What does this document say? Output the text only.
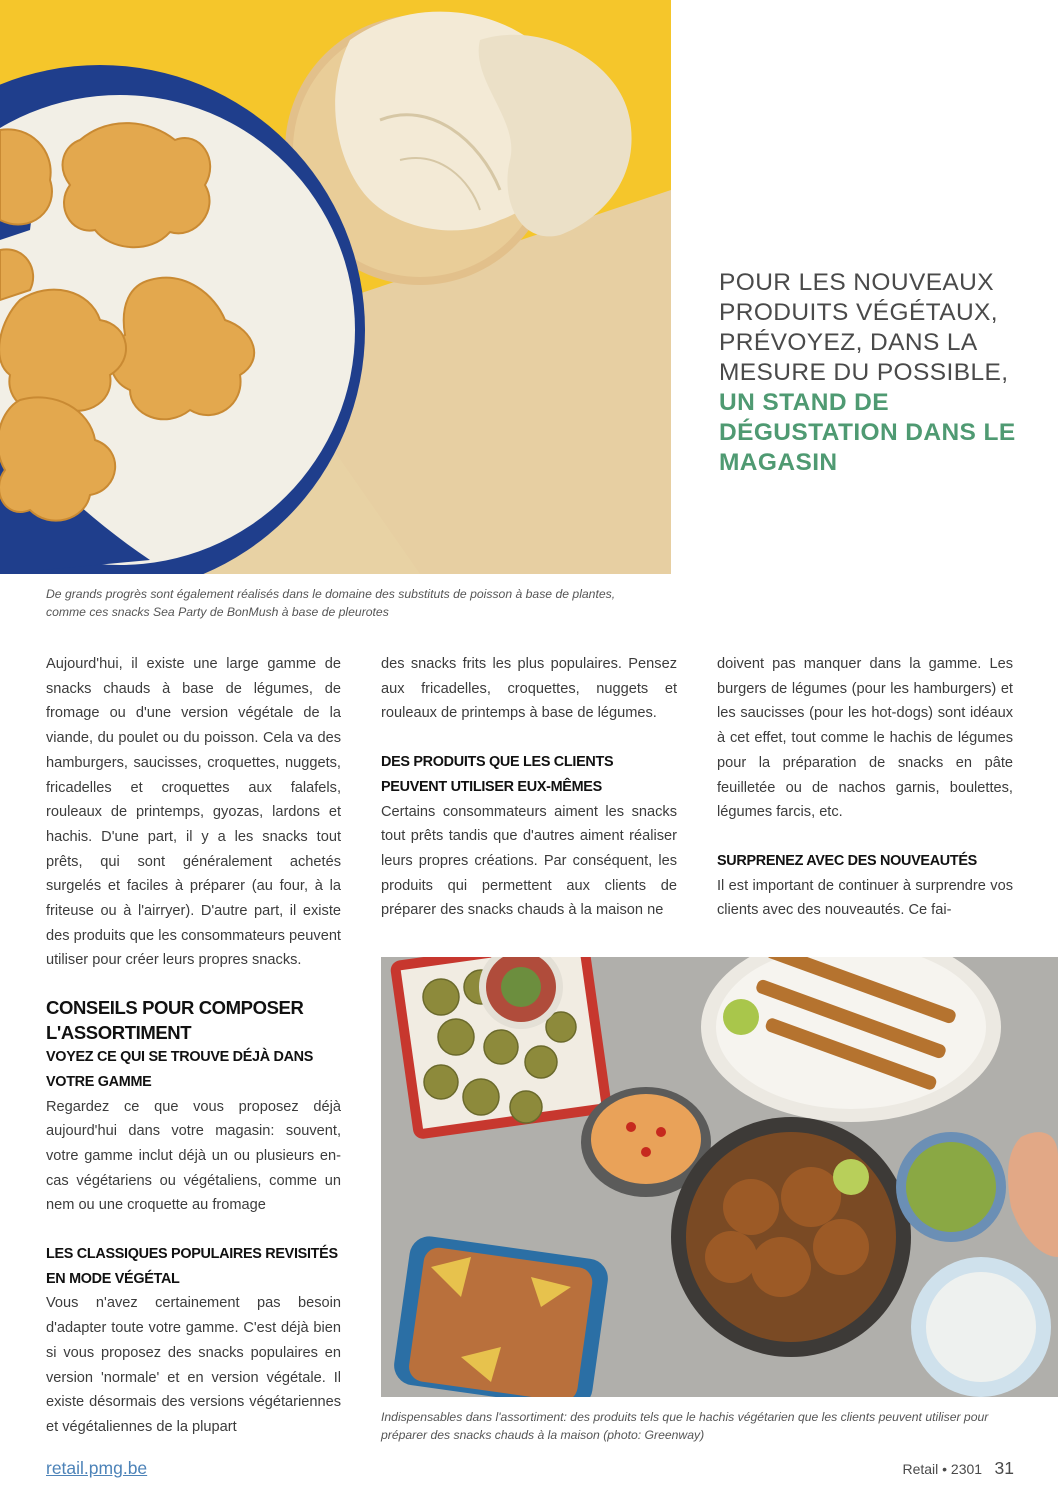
POUR LES NOUVEAUX PRODUITS VÉGÉTAUX, PRÉVOYEZ, DANS LA MESURE DU POSSIBLE, UN STAND DE DÉGUSTATION DANS LE MAGASIN
De grands progrès sont également réalisés dans le domaine des substituts de poisson à base de plantes, comme ces snacks Sea Party de BonMush à base de pleurotes

Aujourd'hui, il existe une large gamme de snacks chauds à base de légumes, de fromage ou d'une version végétale de la viande, du poulet ou du poisson. Cela va des hamburgers, saucisses, croquettes, nuggets, fricadelles et croquettes aux falafels, rouleaux de printemps, gyozas, lardons et hachis. D'une part, il y a les snacks tout prêts, qui sont généralement achetés surgelés et faciles à préparer (au four, à la friteuse ou à l'airryer). D'autre part, il existe des produits que les consommateurs peuvent utiliser pour créer leurs propres snacks.

CONSEILS POUR COMPOSER L'ASSORTIMENT
VOYEZ CE QUI SE TROUVE DÉJÀ DANS VOTRE GAMME

Regardez ce que vous proposez déjà aujourd'hui dans votre magasin: souvent, votre gamme inclut déjà un ou plusieurs en-cas végétariens ou végétaliens, comme un nem ou une croquette au fromage

LES CLASSIQUES POPULAIRES REVISITÉS EN MODE VÉGÉTAL

Vous n'avez certainement pas besoin d'adapter toute votre gamme. C'est déjà bien si vous proposez des snacks populaires en version 'normale' et en version végétale. Il existe désormais des versions végétariennes et végétaliennes de la plupart

des snacks frits les plus populaires. Pensez aux fricadelles, croquettes, nuggets et rouleaux de printemps à base de légumes.

DES PRODUITS QUE LES CLIENTS PEUVENT UTILISER EUX-MÊMES

Certains consommateurs aiment les snacks tout prêts tandis que d'autres aiment réaliser leurs propres créations. Par conséquent, les produits qui permettent aux clients de préparer des snacks chauds à la maison ne

doivent pas manquer dans la gamme. Les burgers de légumes (pour les hamburgers) et les saucisses (pour les hot-dogs) sont idéaux à cet effet, tout comme le hachis de légumes pour la préparation de snacks en pâte feuilletée ou de nachos garnis, boulettes, légumes farcis, etc.

SURPRENEZ AVEC DES NOUVEAUTÉS

Il est important de continuer à surprendre vos clients avec des nouveautés. Ce fai-

Indispensables dans l'assortiment: des produits tels que le hachis végétarien que les clients peuvent utiliser pour préparer des snacks chauds à la maison (photo: Greenway)
retail.pmg.be	Retail • 2301 31
